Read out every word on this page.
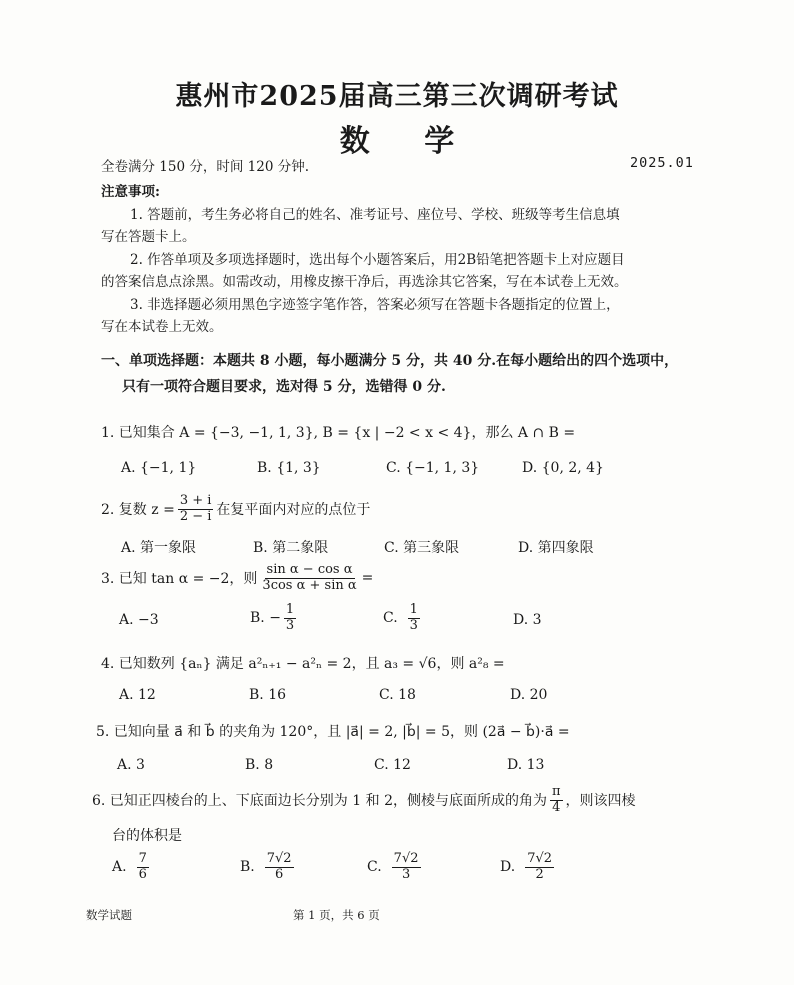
惠州市2025届高三第三次调研考试
数 学
全卷满分 150 分，时间 120 分钟.	2025.01
注意事项:
1. 答题前，考生务必将自己的姓名、准考证号、座位号、学校、班级等考生信息填
写在答题卡上。
2. 作答单项及多项选择题时，选出每个小题答案后，用2B铅笔把答题卡上对应题目
的答案信息点涂黑。如需改动，用橡皮擦干净后，再选涂其它答案，写在本试卷上无效。
3. 非选择题必须用黑色字迹签字笔作答，答案必须写在答题卡各题指定的位置上，
写在本试卷上无效。
一、单项选择题：本题共 8 小题，每小题满分 5 分，共 40 分.在每小题给出的四个选项中，
只有一项符合题目要求，选对得 5 分，选错得 0 分.
1. 已知集合 A = {−3, −1, 1, 3}, B = {x | −2 < x < 4}，那么 A ∩ B =
A. {−1, 1}	B. {1, 3}	C. {−1, 1, 3}	D. {0, 2, 4}
2. 复数 $z = \frac{3 + i}{2 - i}$ 在复平面内对应的点位于
A. 第一象限	B. 第二象限	C. 第三象限	D. 第四象限
3. 已知 tan α = −2，则 $\frac{\text{sin α − cos α}}{\text{3cos α + sin α}}$ =
A. −3	B. − $\frac{1}{3}$	C. $\frac{1}{3}$	D. 3
4. 已知数列 {aₙ} 满足 a²ₙ₊₁ − a²ₙ = 2，且 a₃ = √6，则 a²₈ =
A. 12	B. 16	C. 18	D. 20
5. 已知向量 a⃗ 和 b⃗ 的夹角为 120°，且 |a⃗| = 2, |b⃗| = 5，则 (2a⃗ − b⃗)·a⃗ =
A. 3	B. 8	C. 12	D. 13
6. 已知正四棱台的上、下底面边长分别为 1 和 2，侧棱与底面所成的角为 $\frac{\pi}{4}$ ，则该四棱
台的体积是
A. $\frac{7}{6}$	B. $\frac{7√2}{6}$	C. $\frac{7√2}{3}$	D. $\frac{7√2}{2}$
数学试题	第 1 页，共 6 页
